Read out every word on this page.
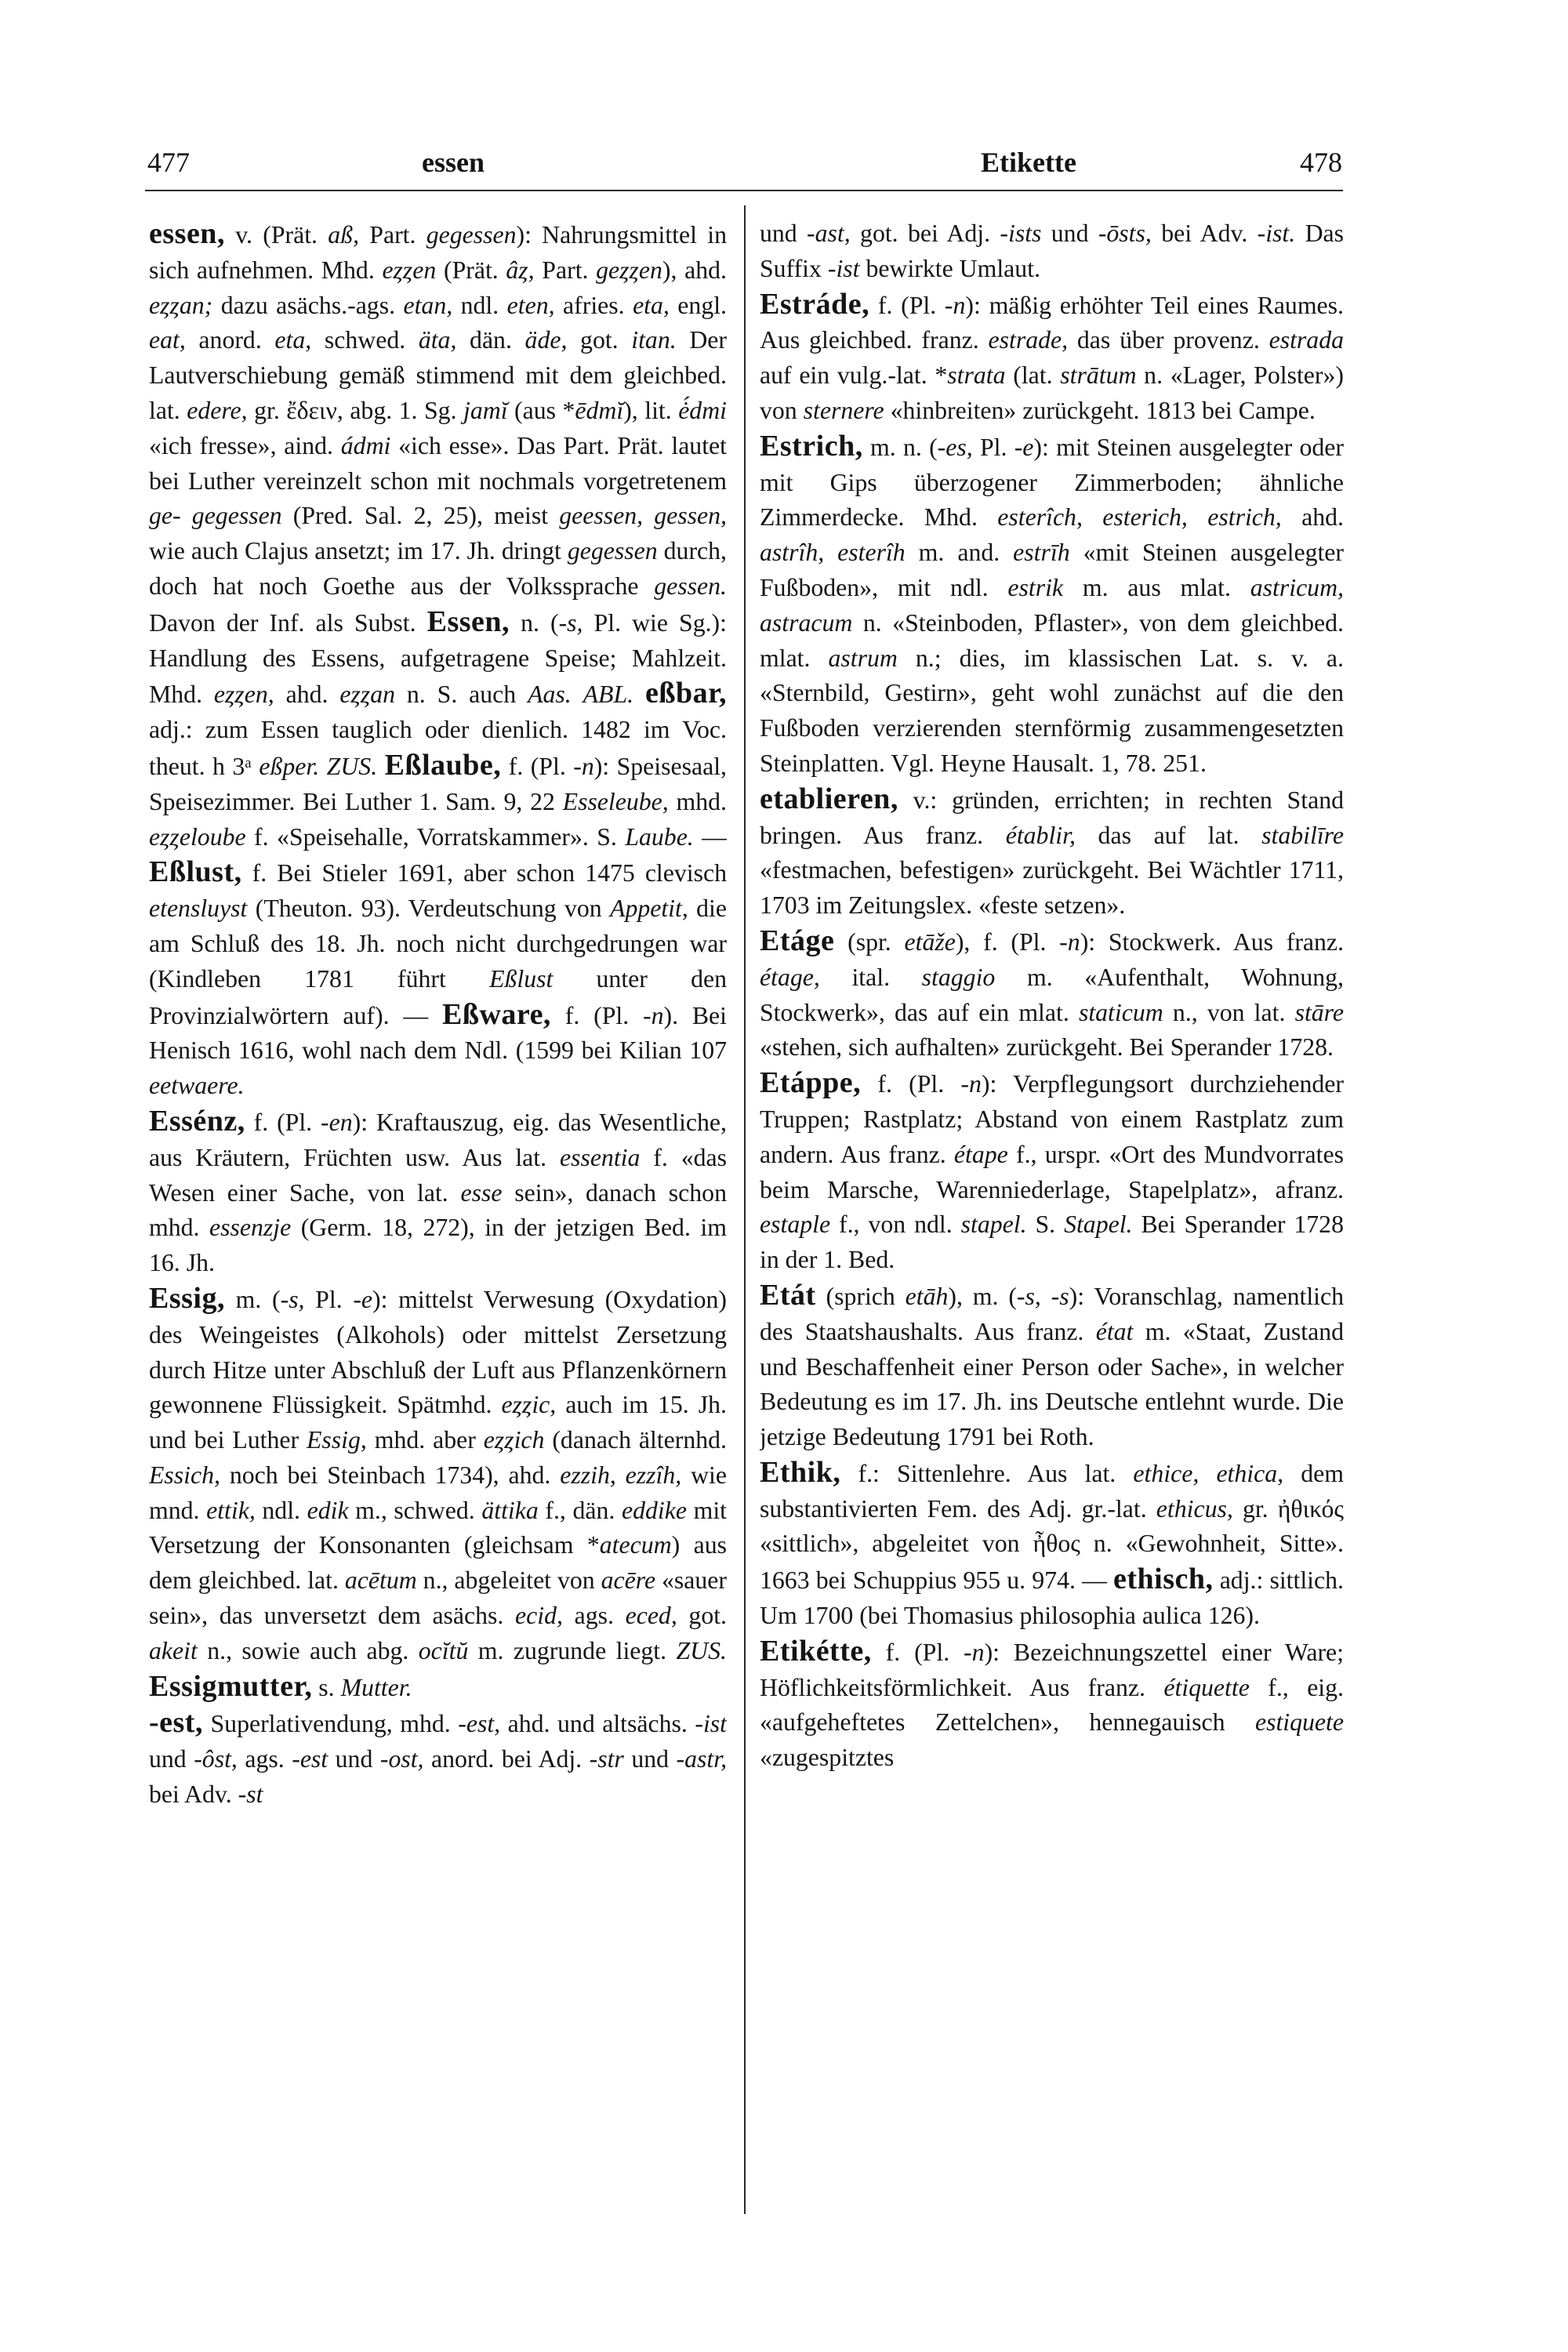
477	essen	Etikette	478

essen, v. (Prät. aß, Part. gegessen): Nahrungsmittel in sich aufnehmen. Mhd. eȥȥen (Prät. âȥ, Part. geȥȥen), ahd. eȥȥan; dazu asächs.-ags. etan, ndl. eten, afries. eta, engl. eat, anord. eta, schwed. äta, dän. äde, got. itan. Der Lautverschiebung gemäß stimmend mit dem gleichbed. lat. edere, gr. ἔδειν, abg. 1. Sg. jamĭ (aus *ēdmĭ), lit. ė́dmi «ich fresse», aind. ádmi «ich esse». Das Part. Prät. lautet bei Luther vereinzelt schon mit nochmals vorgetretenem ge- gegessen (Pred. Sal. 2, 25), meist geessen, gessen, wie auch Clajus ansetzt; im 17. Jh. dringt gegessen durch, doch hat noch Goethe aus der Volkssprache gessen. Davon der Inf. als Subst. Essen, n. (-s, Pl. wie Sg.): Handlung des Essens, aufgetragene Speise; Mahlzeit. Mhd. eȥȥen, ahd. eȥȥan n. S. auch Aas. ABL. eßbar, adj.: zum Essen tauglich oder dienlich. 1482 im Voc. theut. h 3ᵃ eßper. ZUS. Eßlaube, f. (Pl. -n): Speisesaal, Speisezimmer. Bei Luther 1. Sam. 9, 22 Esseleube, mhd. eȥȥeloube f. «Speisehalle, Vorratskammer». S. Laube. — Eßlust, f. Bei Stieler 1691, aber schon 1475 clevisch etensluyst (Theuton. 93). Verdeutschung von Appetit, die am Schluß des 18. Jh. noch nicht durchgedrungen war (Kindleben 1781 führt Eßlust unter den Provinzialwörtern auf). — Eßware, f. (Pl. -n). Bei Henisch 1616, wohl nach dem Ndl. (1599 bei Kilian 107 eetwaere.

Essénz, f. (Pl. -en): Kraftauszug, eig. das Wesentliche, aus Kräutern, Früchten usw. Aus lat. essentia f. «das Wesen einer Sache, von lat. esse sein», danach schon mhd. essenzje (Germ. 18, 272), in der jetzigen Bed. im 16. Jh.

Essig, m. (-s, Pl. -e): mittelst Verwesung (Oxydation) des Weingeistes (Alkohols) oder mittelst Zersetzung durch Hitze unter Abschluß der Luft aus Pflanzenkörnern gewonnene Flüssigkeit. Spätmhd. eȥȥic, auch im 15. Jh. und bei Luther Essig, mhd. aber eȥȥich (danach älternhd. Essich, noch bei Steinbach 1734), ahd. ezzih, ezzîh, wie mnd. ettik, ndl. edik m., schwed. ättika f., dän. eddike mit Versetzung der Konsonanten (gleichsam *atecum) aus dem gleichbed. lat. acētum n., abgeleitet von acēre «sauer sein», das unversetzt dem asächs. ecid, ags. eced, got. akeit n., sowie auch abg. ocĭtŭ m. zugrunde liegt. ZUS. Essigmutter, s. Mutter.

-est, Superlativendung, mhd. -est, ahd. und altsächs. -ist und -ôst, ags. -est und -ost, anord. bei Adj. -str und -astr, bei Adv. -st

und -ast, got. bei Adj. -ists und -ōsts, bei Adv. -ist. Das Suffix -ist bewirkte Umlaut.

Estráde, f. (Pl. -n): mäßig erhöhter Teil eines Raumes. Aus gleichbed. franz. estrade, das über provenz. estrada auf ein vulg.-lat. *strata (lat. strātum n. «Lager, Polster») von sternere «hinbreiten» zurückgeht. 1813 bei Campe.

Estrich, m. n. (-es, Pl. -e): mit Steinen ausgelegter oder mit Gips überzogener Zimmerboden; ähnliche Zimmerdecke. Mhd. esterîch, esterich, estrich, ahd. astrîh, esterîh m. and. estrīh «mit Steinen ausgelegter Fußboden», mit ndl. estrik m. aus mlat. astricum, astracum n. «Steinboden, Pflaster», von dem gleichbed. mlat. astrum n.; dies, im klassischen Lat. s. v. a. «Sternbild, Gestirn», geht wohl zunächst auf die den Fußboden verzierenden sternförmig zusammengesetzten Steinplatten. Vgl. Heyne Hausalt. 1, 78. 251.

etablieren, v.: gründen, errichten; in rechten Stand bringen. Aus franz. établir, das auf lat. stabilīre «festmachen, befestigen» zurückgeht. Bei Wächtler 1711, 1703 im Zeitungslex. «feste setzen».

Etáge (spr. etāže), f. (Pl. -n): Stockwerk. Aus franz. étage, ital. staggio m. «Aufenthalt, Wohnung, Stockwerk», das auf ein mlat. staticum n., von lat. stāre «stehen, sich aufhalten» zurückgeht. Bei Sperander 1728.

Etáppe, f. (Pl. -n): Verpflegungsort durchziehender Truppen; Rastplatz; Abstand von einem Rastplatz zum andern. Aus franz. étape f., urspr. «Ort des Mundvorrates beim Marsche, Warenniederlage, Stapelplatz», afranz. estaple f., von ndl. stapel. S. Stapel. Bei Sperander 1728 in der 1. Bed.

Etát (sprich etāh), m. (-s, -s): Voranschlag, namentlich des Staatshaushalts. Aus franz. état m. «Staat, Zustand und Beschaffenheit einer Person oder Sache», in welcher Bedeutung es im 17. Jh. ins Deutsche entlehnt wurde. Die jetzige Bedeutung 1791 bei Roth.

Ethik, f.: Sittenlehre. Aus lat. ethice, ethica, dem substantivierten Fem. des Adj. gr.-lat. ethicus, gr. ἠθικός «sittlich», abgeleitet von ἦθος n. «Gewohnheit, Sitte». 1663 bei Schuppius 955 u. 974. — ethisch, adj.: sittlich. Um 1700 (bei Thomasius philosophia aulica 126).

Etikétte, f. (Pl. -n): Bezeichnungszettel einer Ware; Höflichkeitsförmlichkeit. Aus franz. étiquette f., eig. «aufgeheftetes Zettelchen», hennegauisch estiquete «zugespitztes
